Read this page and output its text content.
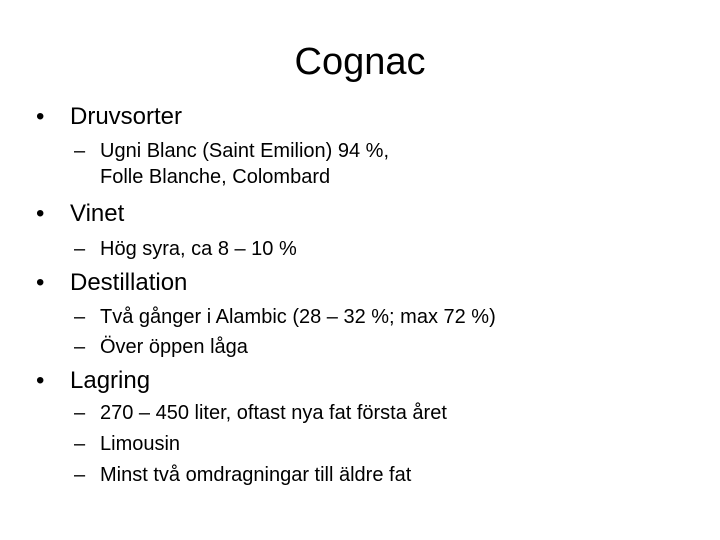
Cognac
• Druvsorter
– Ugni Blanc (Saint Emilion) 94 %,
Folle Blanche, Colombard
• Vinet
– Hög syra, ca 8 – 10 %
• Destillation
– Två gånger i Alambic (28 – 32 %; max 72 %)
– Över öppen låga
• Lagring
– 270 – 450 liter, oftast nya fat första året
– Limousin
– Minst två omdragningar till äldre fat
